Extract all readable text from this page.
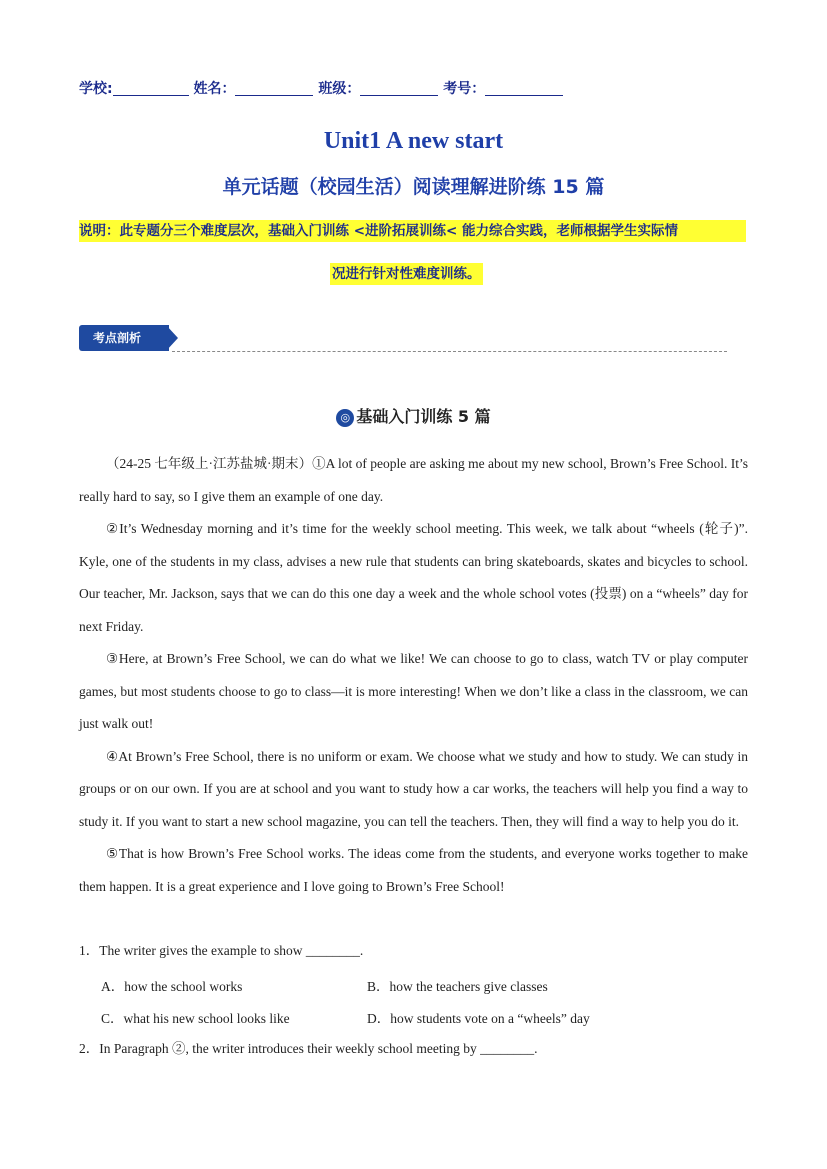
学校:	姓名：	班级：	考号：
Unit1 A new start
单元话题（校园生活）阅读理解进阶练 15 篇
说明：此专题分三个难度层次，基础入门训练 <进阶拓展训练< 能力综合实践，老师根据学生实际情
况进行针对性难度训练。
考点剖析
◎ 基础入门训练 5 篇

（24-25 七年级上·江苏盐城·期末）①A lot of people are asking me about my new school, Brown’s Free School. It’s really hard to say, so I give them an example of one day.

②It’s Wednesday morning and it’s time for the weekly school meeting. This week, we talk about “wheels (轮子)”. Kyle, one of the students in my class, advises a new rule that students can bring skateboards, skates and bicycles to school. Our teacher, Mr. Jackson, says that we can do this one day a week and the whole school votes (投票) on a “wheels” day for next Friday.

③Here, at Brown’s Free School, we can do what we like! We can choose to go to class, watch TV or play computer games, but most students choose to go to class—it is more interesting! When we don’t like a class in the classroom, we can just walk out!

④At Brown’s Free School, there is no uniform or exam. We choose what we study and how to study. We can study in groups or on our own. If you are at school and you want to study how a car works, the teachers will help you find a way to study it. If you want to start a new school magazine, you can tell the teachers. Then, they will find a way to help you do it.

⑤That is how Brown’s Free School works. The ideas come from the students, and everyone works together to make them happen. It is a great experience and I love going to Brown’s Free School!

1．The writer gives the example to show ________.
A．how the school works	B．how the teachers give classes
C．what his new school looks like	D．how students vote on a “wheels” day
2．In Paragraph ②, the writer introduces their weekly school meeting by ________.
